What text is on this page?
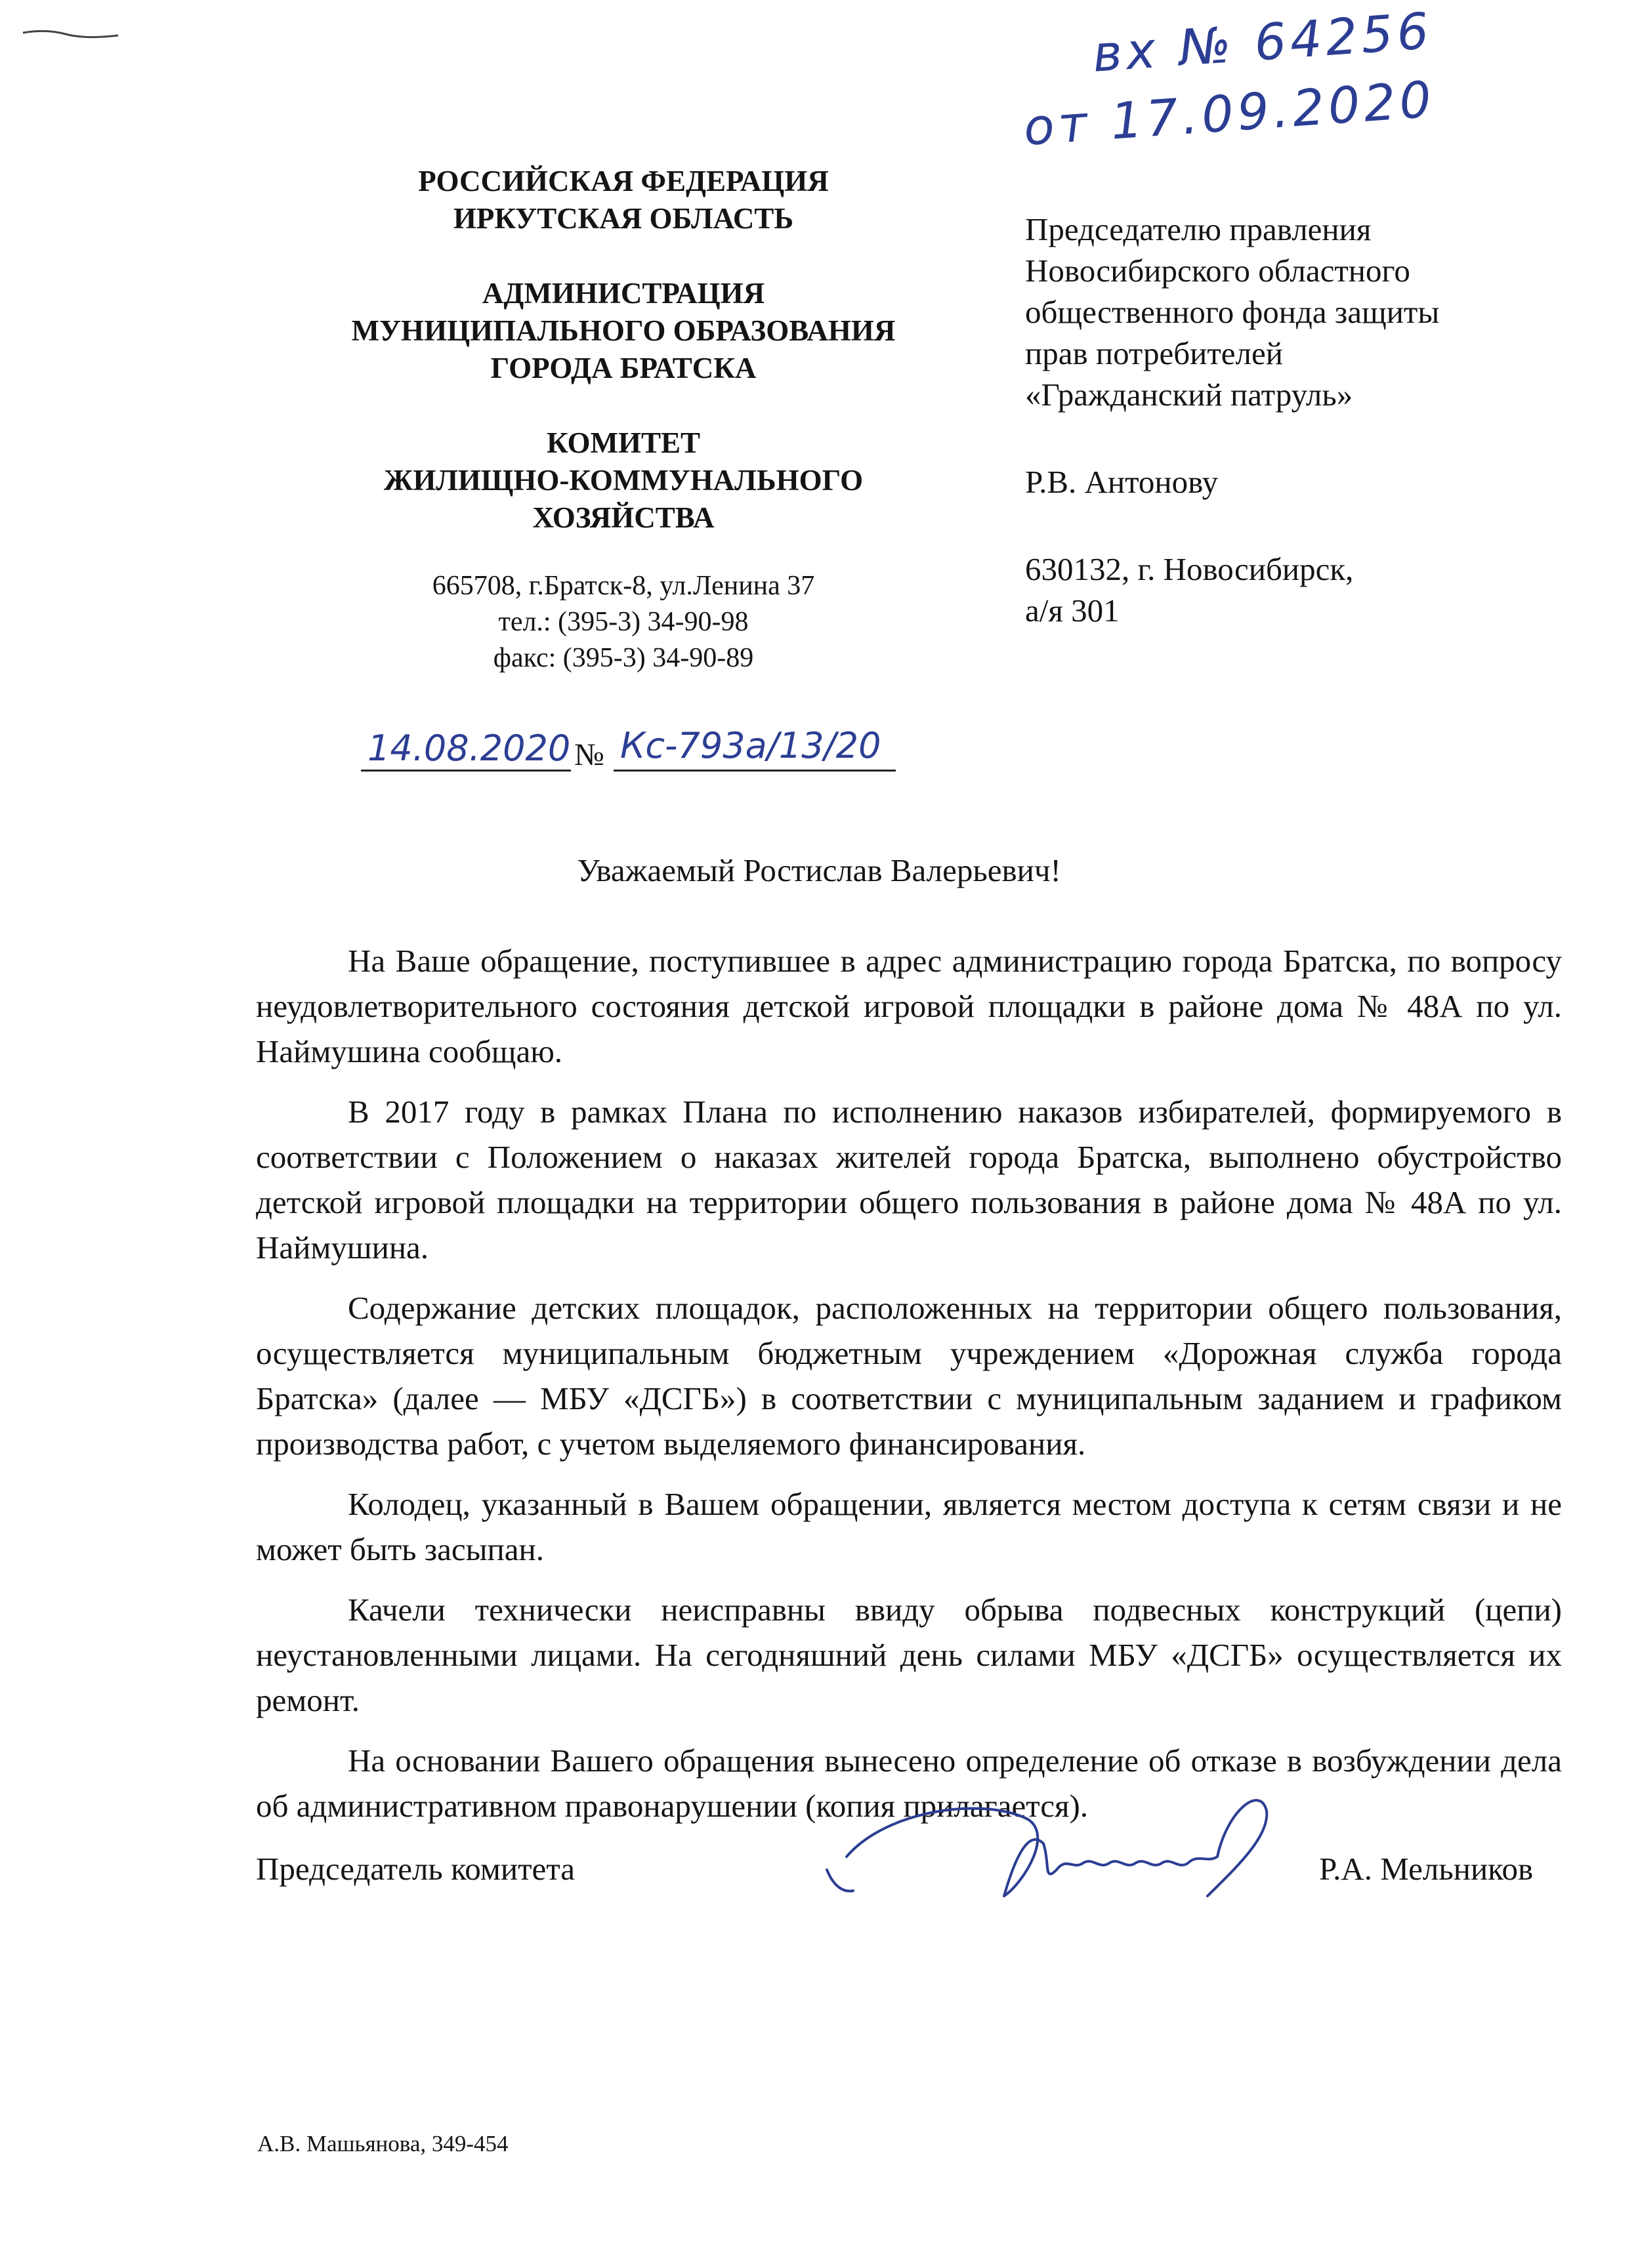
вх № 64256
от 17.09.2020
РОССИЙСКАЯ ФЕДЕРАЦИЯ
ИРКУТСКАЯ ОБЛАСТЬ
АДМИНИСТРАЦИЯ
МУНИЦИПАЛЬНОГО ОБРАЗОВАНИЯ
ГОРОДА БРАТСКА
КОМИТЕТ
ЖИЛИЩНО-КОММУНАЛЬНОГО
ХОЗЯЙСТВА
665708, г.Братск-8, ул.Ленина 37
тел.: (395-3) 34-90-98
факс: (395-3) 34-90-89
Председателю правления
Новосибирского областного
общественного фонда защиты
прав потребителей
«Гражданский патруль»
Р.В. Антонову
630132, г. Новосибирск,
а/я 301
14.08.2020 № Кс-793а/13/20
Уважаемый Ростислав Валерьевич!

На Ваше обращение, поступившее в адрес администрацию города Братска, по вопросу неудовлетворительного состояния детской игровой площадки в районе дома № 48А по ул. Наймушина сообщаю.

В 2017 году в рамках Плана по исполнению наказов избирателей, формируемого в соответствии с Положением о наказах жителей города Братска, выполнено обустройство детской игровой площадки на территории общего пользования в районе дома № 48А по ул. Наймушина.

Содержание детских площадок, расположенных на территории общего пользования, осуществляется муниципальным бюджетным учреждением «Дорожная служба города Братска» (далее — МБУ «ДСГБ») в соответствии с муниципальным заданием и графиком производства работ, с учетом выделяемого финансирования.

Колодец, указанный в Вашем обращении, является местом доступа к сетям связи и не может быть засыпан.

Качели технически неисправны ввиду обрыва подвесных конструкций (цепи) неустановленными лицами. На сегодняшний день силами МБУ «ДСГБ» осуществляется их ремонт.

На основании Вашего обращения вынесено определение об отказе в возбуждении дела об административном правонарушении (копия прилагается).

Председатель комитета	Р.А. Мельников
А.В. Машьянова, 349-454
